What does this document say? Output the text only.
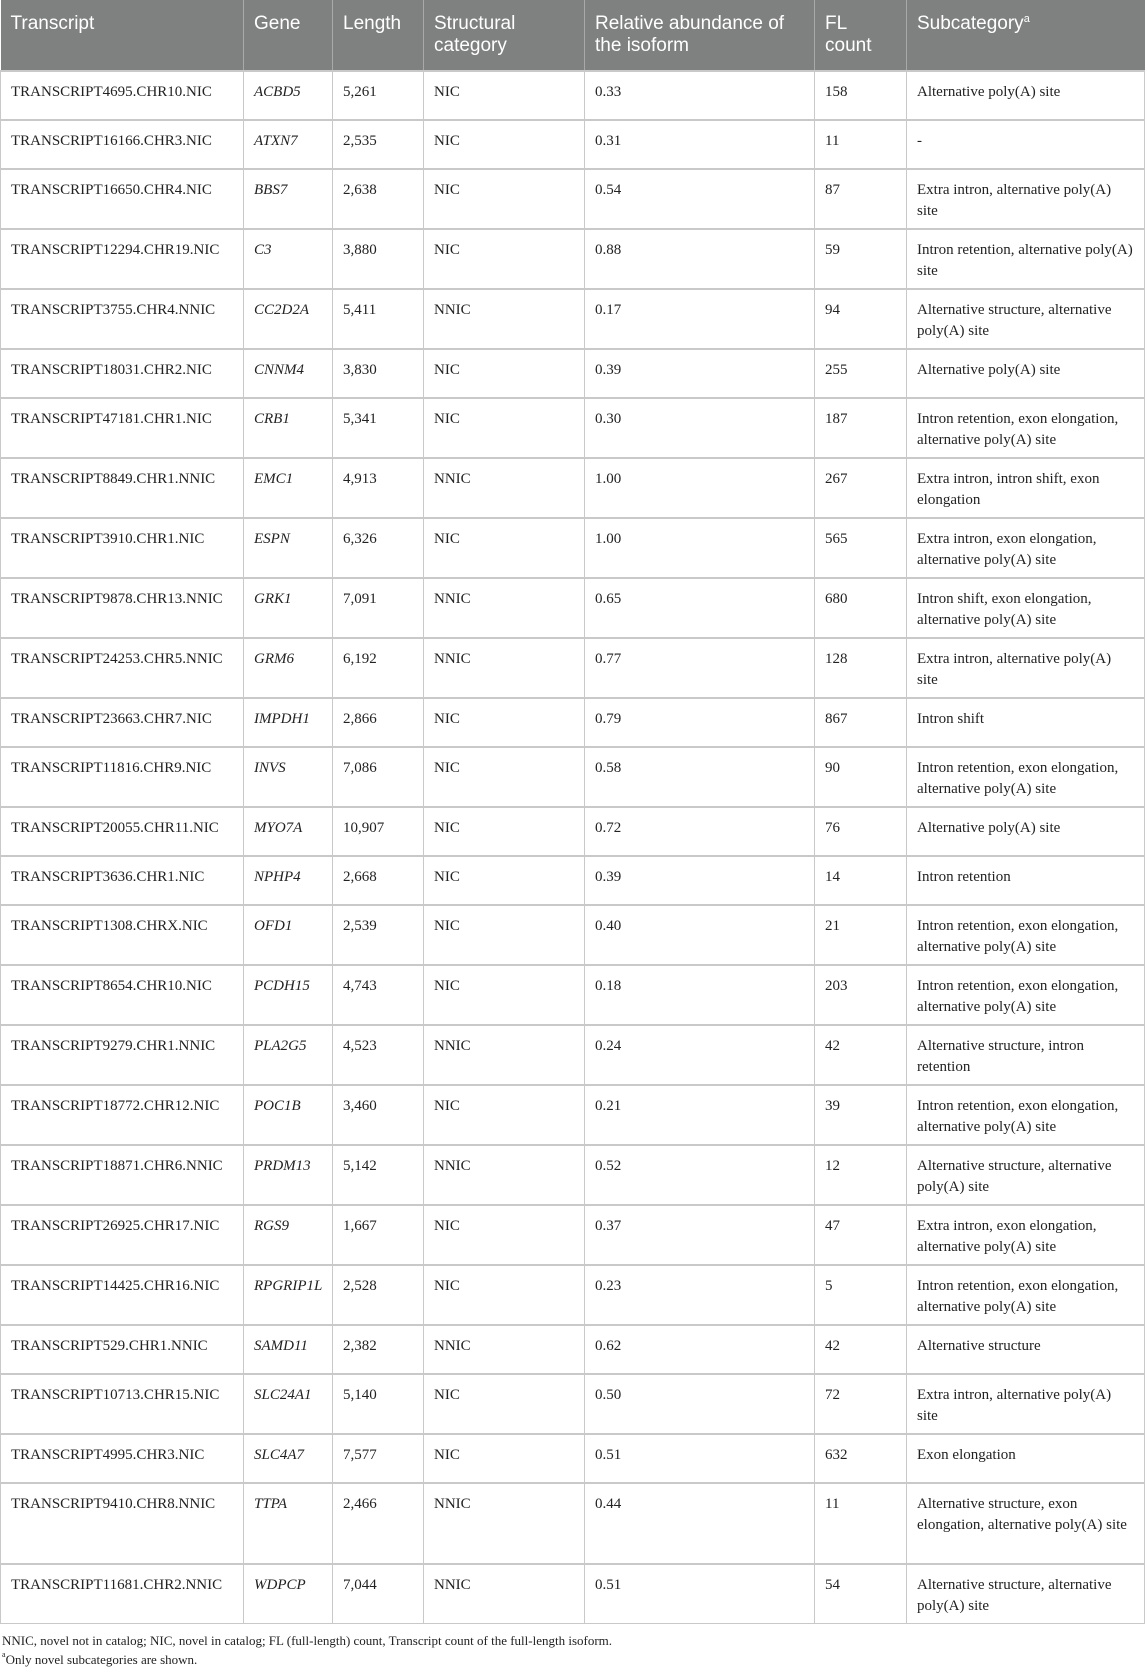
Transcript	Gene	Length	Structural category	Relative abundance of the isoform	FL count	Subcategory$^a$
TRANSCRIPT4695.CHR10.NIC	ACBD5	5,261	NIC	0.33	158	Alternative poly(A) site
TRANSCRIPT16166.CHR3.NIC	ATXN7	2,535	NIC	0.31	11	-
TRANSCRIPT16650.CHR4.NIC	BBS7	2,638	NIC	0.54	87	Extra intron, alternative poly(A) site
TRANSCRIPT12294.CHR19.NIC	C3	3,880	NIC	0.88	59	Intron retention, alternative poly(A) site
TRANSCRIPT3755.CHR4.NNIC	CC2D2A	5,411	NNIC	0.17	94	Alternative structure, alternative poly(A) site
TRANSCRIPT18031.CHR2.NIC	CNNM4	3,830	NIC	0.39	255	Alternative poly(A) site
TRANSCRIPT47181.CHR1.NIC	CRB1	5,341	NIC	0.30	187	Intron retention, exon elongation, alternative poly(A) site
TRANSCRIPT8849.CHR1.NNIC	EMC1	4,913	NNIC	1.00	267	Extra intron, intron shift, exon elongation
TRANSCRIPT3910.CHR1.NIC	ESPN	6,326	NIC	1.00	565	Extra intron, exon elongation, alternative poly(A) site
TRANSCRIPT9878.CHR13.NNIC	GRK1	7,091	NNIC	0.65	680	Intron shift, exon elongation, alternative poly(A) site
TRANSCRIPT24253.CHR5.NNIC	GRM6	6,192	NNIC	0.77	128	Extra intron, alternative poly(A) site
TRANSCRIPT23663.CHR7.NIC	IMPDH1	2,866	NIC	0.79	867	Intron shift
TRANSCRIPT11816.CHR9.NIC	INVS	7,086	NIC	0.58	90	Intron retention, exon elongation, alternative poly(A) site
TRANSCRIPT20055.CHR11.NIC	MYO7A	10,907	NIC	0.72	76	Alternative poly(A) site
TRANSCRIPT3636.CHR1.NIC	NPHP4	2,668	NIC	0.39	14	Intron retention
TRANSCRIPT1308.CHRX.NIC	OFD1	2,539	NIC	0.40	21	Intron retention, exon elongation, alternative poly(A) site
TRANSCRIPT8654.CHR10.NIC	PCDH15	4,743	NIC	0.18	203	Intron retention, exon elongation, alternative poly(A) site
TRANSCRIPT9279.CHR1.NNIC	PLA2G5	4,523	NNIC	0.24	42	Alternative structure, intron retention
TRANSCRIPT18772.CHR12.NIC	POC1B	3,460	NIC	0.21	39	Intron retention, exon elongation, alternative poly(A) site
TRANSCRIPT18871.CHR6.NNIC	PRDM13	5,142	NNIC	0.52	12	Alternative structure, alternative poly(A) site
TRANSCRIPT26925.CHR17.NIC	RGS9	1,667	NIC	0.37	47	Extra intron, exon elongation, alternative poly(A) site
TRANSCRIPT14425.CHR16.NIC	RPGRIP1L	2,528	NIC	0.23	5	Intron retention, exon elongation, alternative poly(A) site
TRANSCRIPT529.CHR1.NNIC	SAMD11	2,382	NNIC	0.62	42	Alternative structure
TRANSCRIPT10713.CHR15.NIC	SLC24A1	5,140	NIC	0.50	72	Extra intron, alternative poly(A) site
TRANSCRIPT4995.CHR3.NIC	SLC4A7	7,577	NIC	0.51	632	Exon elongation
TRANSCRIPT9410.CHR8.NNIC	TTPA	2,466	NNIC	0.44	11	Alternative structure, exon elongation, alternative poly(A) site
TRANSCRIPT11681.CHR2.NNIC	WDPCP	7,044	NNIC	0.51	54	Alternative structure, alternative poly(A) site
NNIC, novel not in catalog; NIC, novel in catalog; FL (full-length) count, Transcript count of the full-length isoform.
$^a$Only novel subcategories are shown.
